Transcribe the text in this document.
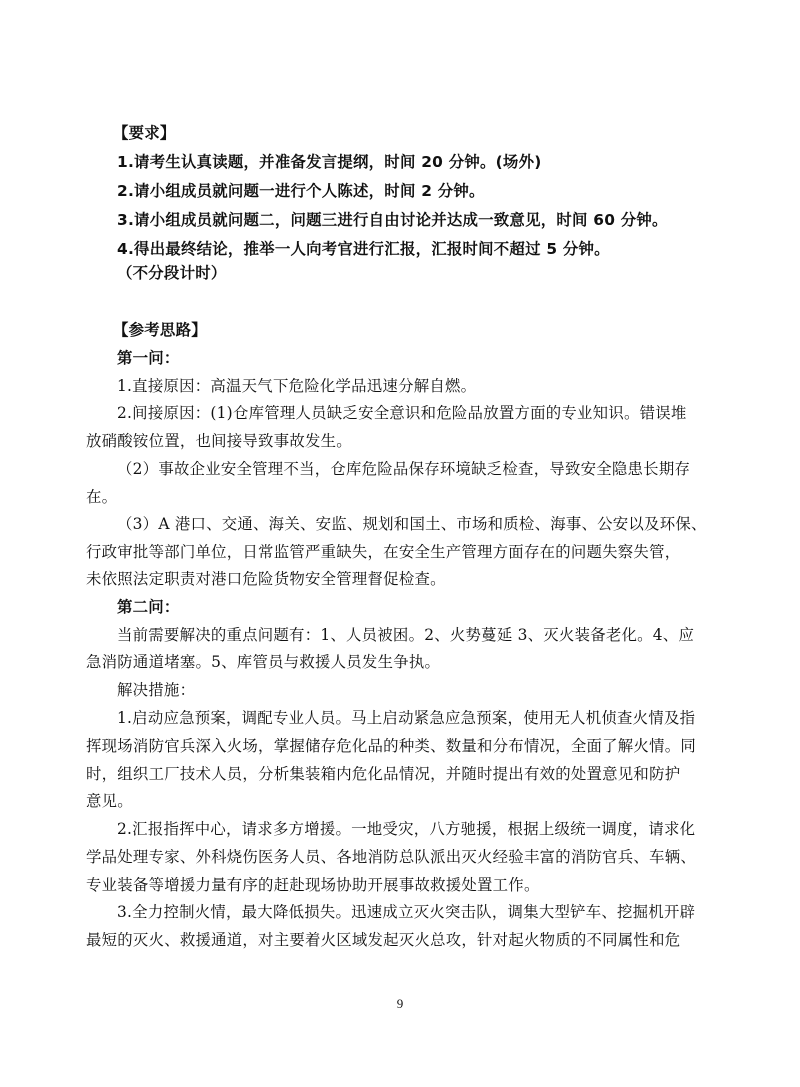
【要求】
1.请考生认真读题，并准备发言提纲，时间 20 分钟。(场外)
2.请小组成员就问题一进行个人陈述，时间 2 分钟。
3.请小组成员就问题二，问题三进行自由讨论并达成一致意见，时间 60 分钟。
4.得出最终结论，推举一人向考官进行汇报，汇报时间不超过 5 分钟。
（不分段计时）
【参考思路】
第一问：
1.直接原因：高温天气下危险化学品迅速分解自燃。
2.间接原因：(1)仓库管理人员缺乏安全意识和危险品放置方面的专业知识。错误堆
放硝酸铵位置，也间接导致事故发生。
（2）事故企业安全管理不当，仓库危险品保存环境缺乏检查，导致安全隐患长期存
在。
（3）A 港口、交通、海关、安监、规划和国土、市场和质检、海事、公安以及环保、
行政审批等部门单位，日常监管严重缺失，在安全生产管理方面存在的问题失察失管，
未依照法定职责对港口危险货物安全管理督促检查。
第二问：
当前需要解决的重点问题有：1、人员被困。2、火势蔓延 3、灭火装备老化。4、应
急消防通道堵塞。5、库管员与救援人员发生争执。
解决措施：
1.启动应急预案，调配专业人员。马上启动紧急应急预案，使用无人机侦查火情及指
挥现场消防官兵深入火场，掌握储存危化品的种类、数量和分布情况，全面了解火情。同
时，组织工厂技术人员，分析集装箱内危化品情况，并随时提出有效的处置意见和防护
意见。
2.汇报指挥中心，请求多方增援。一地受灾，八方驰援，根据上级统一调度，请求化
学品处理专家、外科烧伤医务人员、各地消防总队派出灭火经验丰富的消防官兵、车辆、
专业装备等增援力量有序的赶赴现场协助开展事故救援处置工作。
3.全力控制火情，最大降低损失。迅速成立灭火突击队，调集大型铲车、挖掘机开辟
最短的灭火、救援通道，对主要着火区域发起灭火总攻，针对起火物质的不同属性和危
9
